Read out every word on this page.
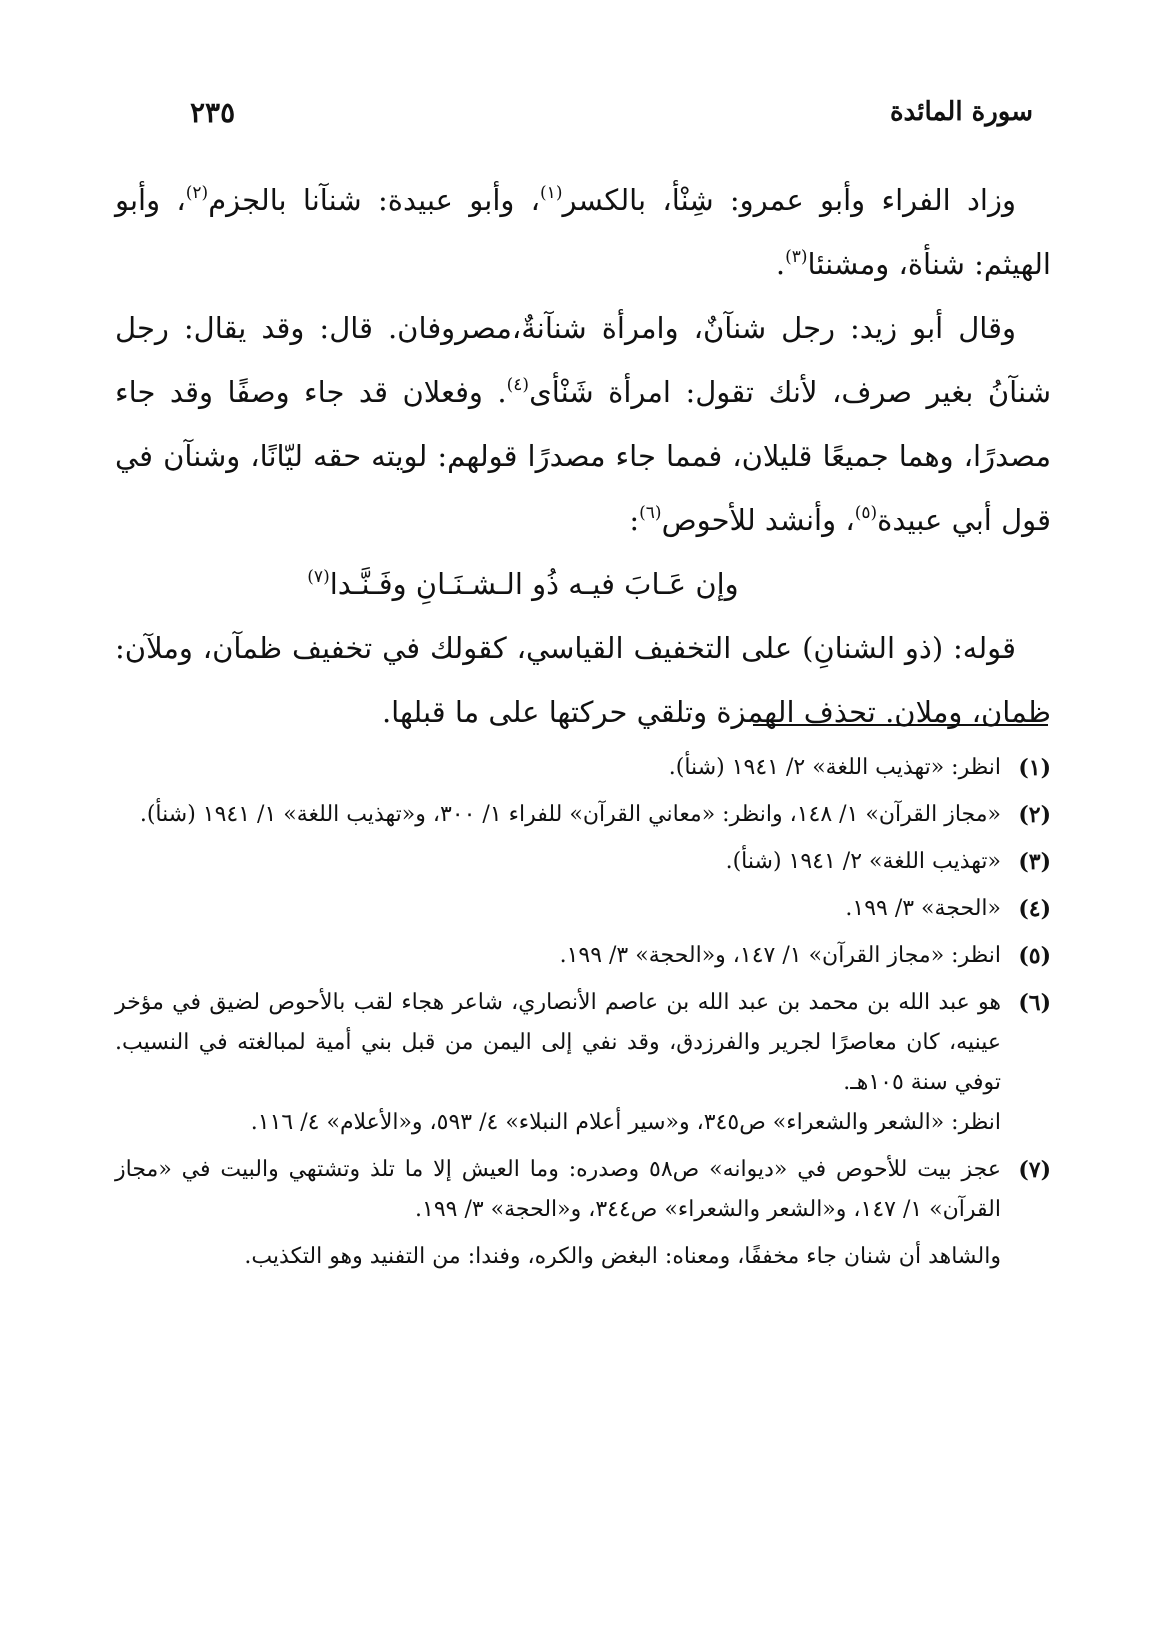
سورة المائدة
٢٣٥

وزاد الفراء وأبو عمرو: شِنْأ، بالكسر$^{(١)}$، وأبو عبيدة: شنآنا بالجزم$^{(٢)}$، وأبو الهيثم: شنأة، ومشنئا$^{(٣)}$.

وقال أبو زيد: رجل شنآنٌ، وامرأة شنآنةٌ،مصروفان. قال: وقد يقال: رجل شنآنُ بغير صرف، لأنك تقول: امرأة شَنْأى$^{(٤)}$. وفعلان قد جاء وصفًا وقد جاء مصدرًا، وهما جميعًا قليلان، فمما جاء مصدرًا قولهم: لويته حقه ليّانًا، وشنآن في قول أبي عبيدة$^{(٥)}$، وأنشد للأحوص$^{(٦)}$:

وإن عَـابَ فيـه ذُو الـشـنَـانِ وفَـنَّـدا$^{(٧)}$

قوله: (ذو الشنانِ) على التخفيف القياسي، كقولك في تخفيف ظمآن، وملآن: ظمان، وملان. تحذف الهمزة وتلقي حركتها على ما قبلها.

(١)
انظر: «تهذيب اللغة» ٢/ ١٩٤١ (شنأ).
(٢)
«مجاز القرآن» ١/ ١٤٨، وانظر: «معاني القرآن» للفراء ١/ ٣٠٠، و«تهذيب اللغة» ١/ ١٩٤١ (شنأ).
(٣)
«تهذيب اللغة» ٢/ ١٩٤١ (شنأ).
(٤)
«الحجة» ٣/ ١٩٩.
(٥)
انظر: «مجاز القرآن» ١/ ١٤٧، و«الحجة» ٣/ ١٩٩.
(٦)
هو عبد الله بن محمد بن عبد الله بن عاصم الأنصاري، شاعر هجاء لقب بالأحوص لضيق في مؤخر عينيه، كان معاصرًا لجرير والفرزدق، وقد نفي إلى اليمن من قبل بني أمية لمبالغته في النسيب. توفي سنة ١٠٥هـ.
انظر: «الشعر والشعراء» ص٣٤٥، و«سير أعلام النبلاء» ٤/ ٥٩٣، و«الأعلام» ٤/ ١١٦.
(٧)
عجز بيت للأحوص في «ديوانه» ص٥٨ وصدره: وما العيش إلا ما تلذ وتشتهي والبيت في «مجاز القرآن» ١/ ١٤٧، و«الشعر والشعراء» ص٣٤٤، و«الحجة» ٣/ ١٩٩.
والشاهد أن شنان جاء مخففًا، ومعناه: البغض والكره، وفندا: من التفنيد وهو التكذيب.
